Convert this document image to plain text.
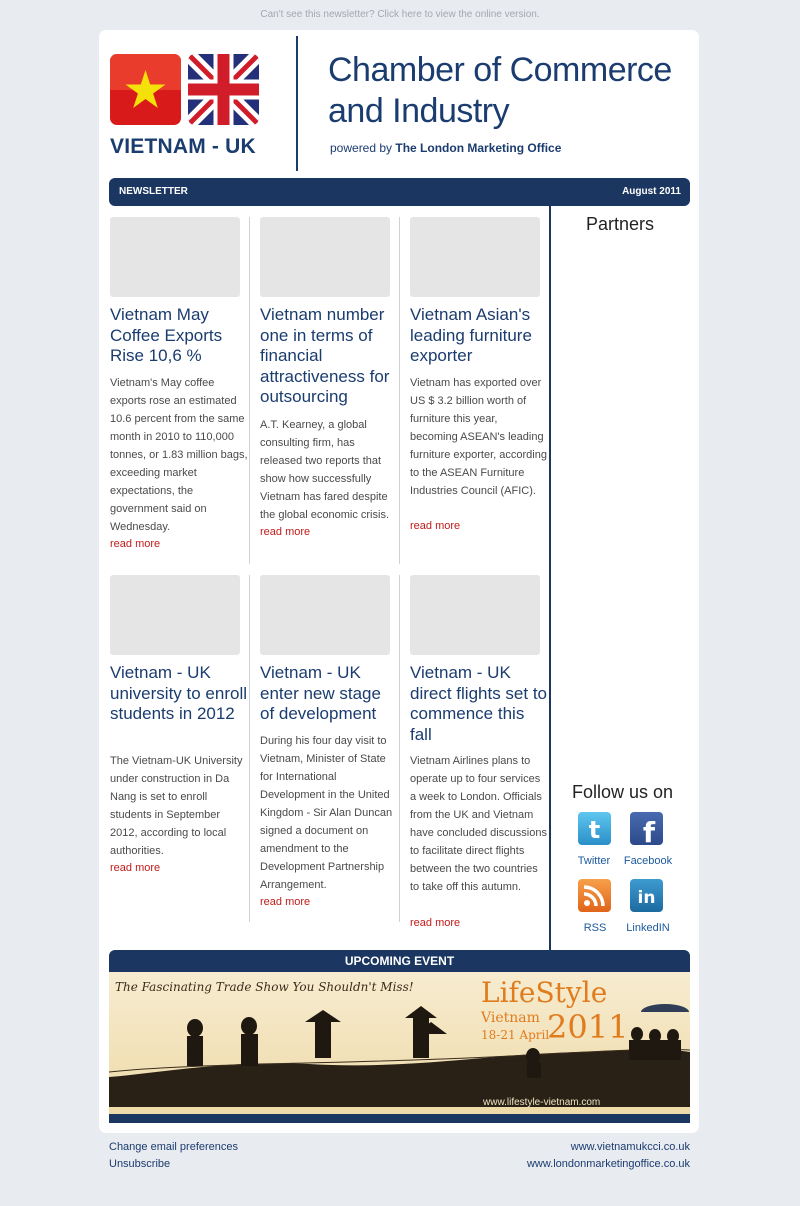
Can't see this newsletter? Click here to view the online version.
VIETNAM - UK
Chamber of Commerce
and Industry
powered by The London Marketing Office
NEWSLETTER	August 2011
Vietnam May Coffee Exports Rise 10,6 %
Vietnam's May coffee exports rose an estimated 10.6 percent from the same month in 2010 to 110,000 tonnes, or 1.83 million bags, exceeding market expectations, the government said on Wednesday.
read more
Vietnam number one in terms of financial attractiveness for outsourcing
A.T. Kearney, a global consulting firm, has released two reports that show how successfully Vietnam has fared despite the global economic crisis.
read more
Vietnam Asian's leading furniture exporter
Vietnam has exported over US $ 3.2 billion worth of furniture this year, becoming ASEAN's leading furniture exporter, according to the ASEAN Furniture Industries Council (AFIC).
read more
Vietnam - UK university to enroll students in 2012
The Vietnam-UK University under construction in Da Nang is set to enroll students in September 2012, according to local authorities.
read more
Vietnam - UK enter new stage of development
During his four day visit to Vietnam, Minister of State for International Development in the United Kingdom - Sir Alan Duncan signed a document on amendment to the Development Partnership Arrangement.
read more
Vietnam - UK direct flights set to commence this fall
Vietnam Airlines plans to operate up to four services a week to London. Officials from the UK and Vietnam have concluded discussions to facilitate direct flights between the two countries to take off this autumn.
read more
Partners
Follow us on
t
Twitter
f
Facebook
RSS
in
LinkedIN
UPCOMING EVENT
The Fascinating Trade Show You Shouldn't Miss! LifeStyle
Vietnam
18-21 April
2011
www.lifestyle-vietnam.com
Change email preferences
Unsubscribe
www.vietnamukcci.co.uk
www.londonmarketingoffice.co.uk
